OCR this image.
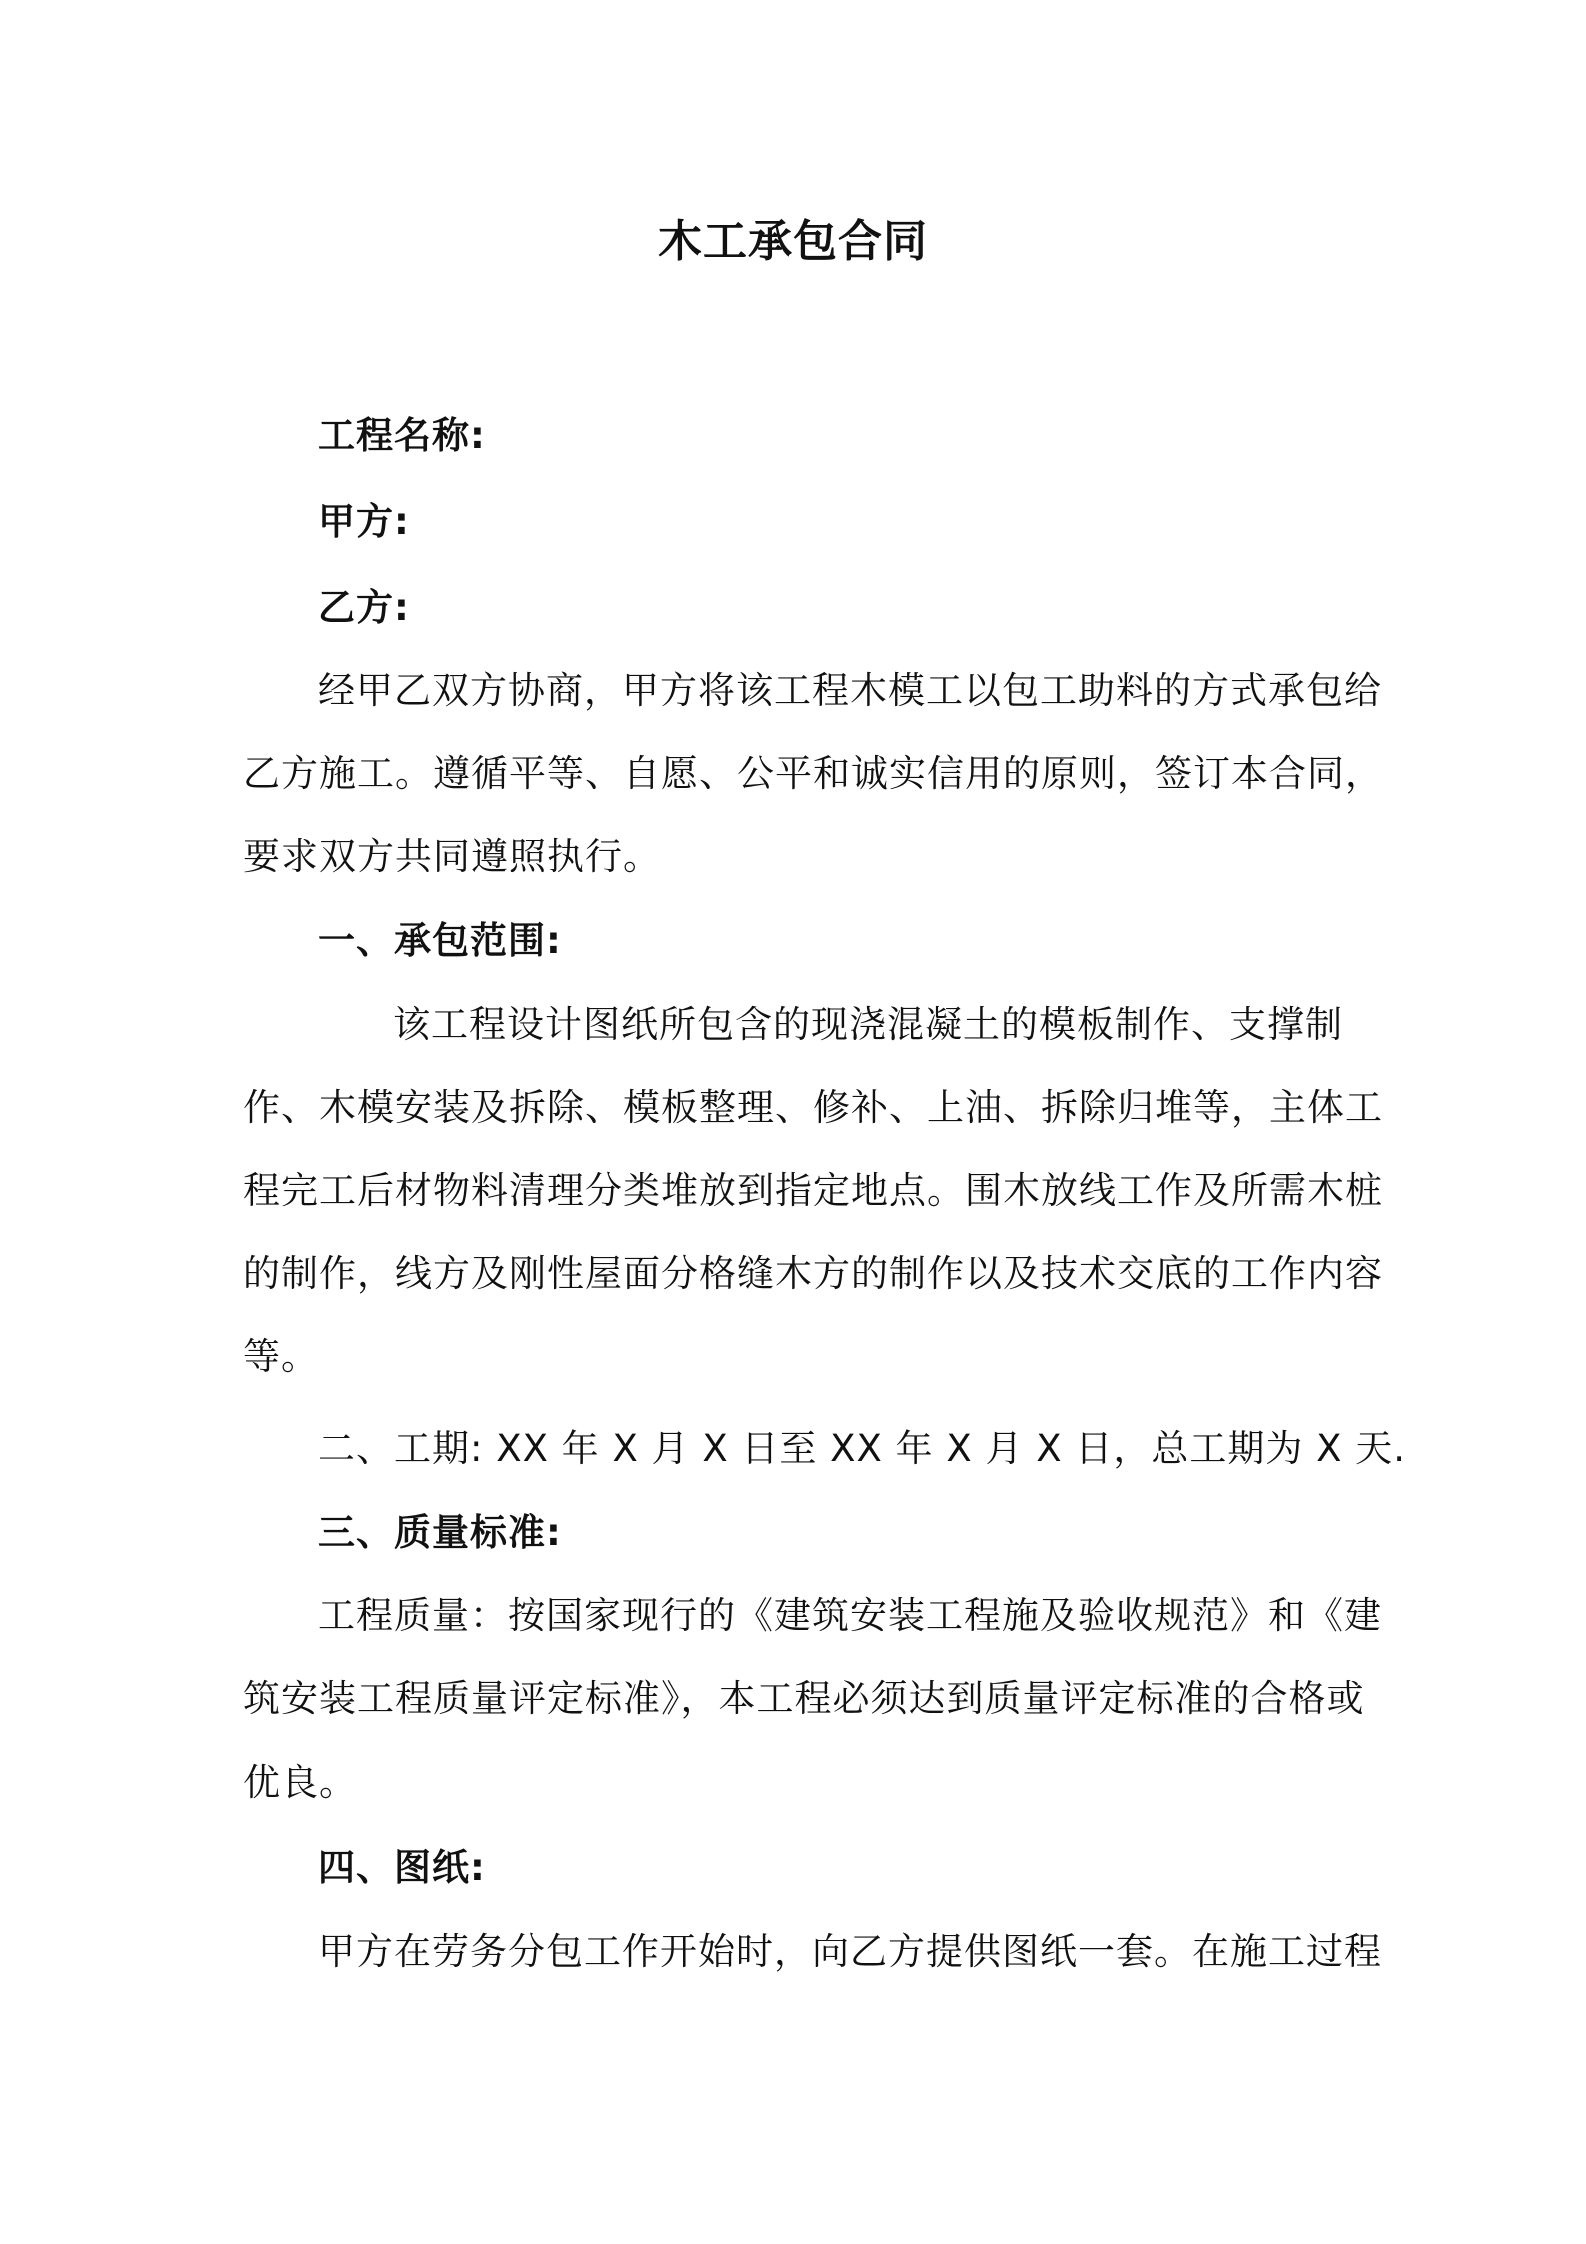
木工承包合同
工程名称:
甲方:
乙方:
经甲乙双方协商，甲方将该工程木模工以包工助料的方式承包给
乙方施工。遵循平等、自愿、公平和诚实信用的原则，签订本合同，
要求双方共同遵照执行。
一、承包范围:
该工程设计图纸所包含的现浇混凝土的模板制作、支撑制
作、木模安装及拆除、模板整理、修补、上油、拆除归堆等，主体工
程完工后材物料清理分类堆放到指定地点。围木放线工作及所需木桩
的制作，线方及刚性屋面分格缝木方的制作以及技术交底的工作内容
等。
二、工期: XX 年 X 月 X 日至 XX 年 X 月 X 日，总工期为 X 天.
三、质量标准:
工程质量：按国家现行的《建筑安装工程施及验收规范》和《建
筑安装工程质量评定标准》，本工程必须达到质量评定标准的合格或
优良。
四、图纸:
甲方在劳务分包工作开始时，向乙方提供图纸一套。在施工过程
